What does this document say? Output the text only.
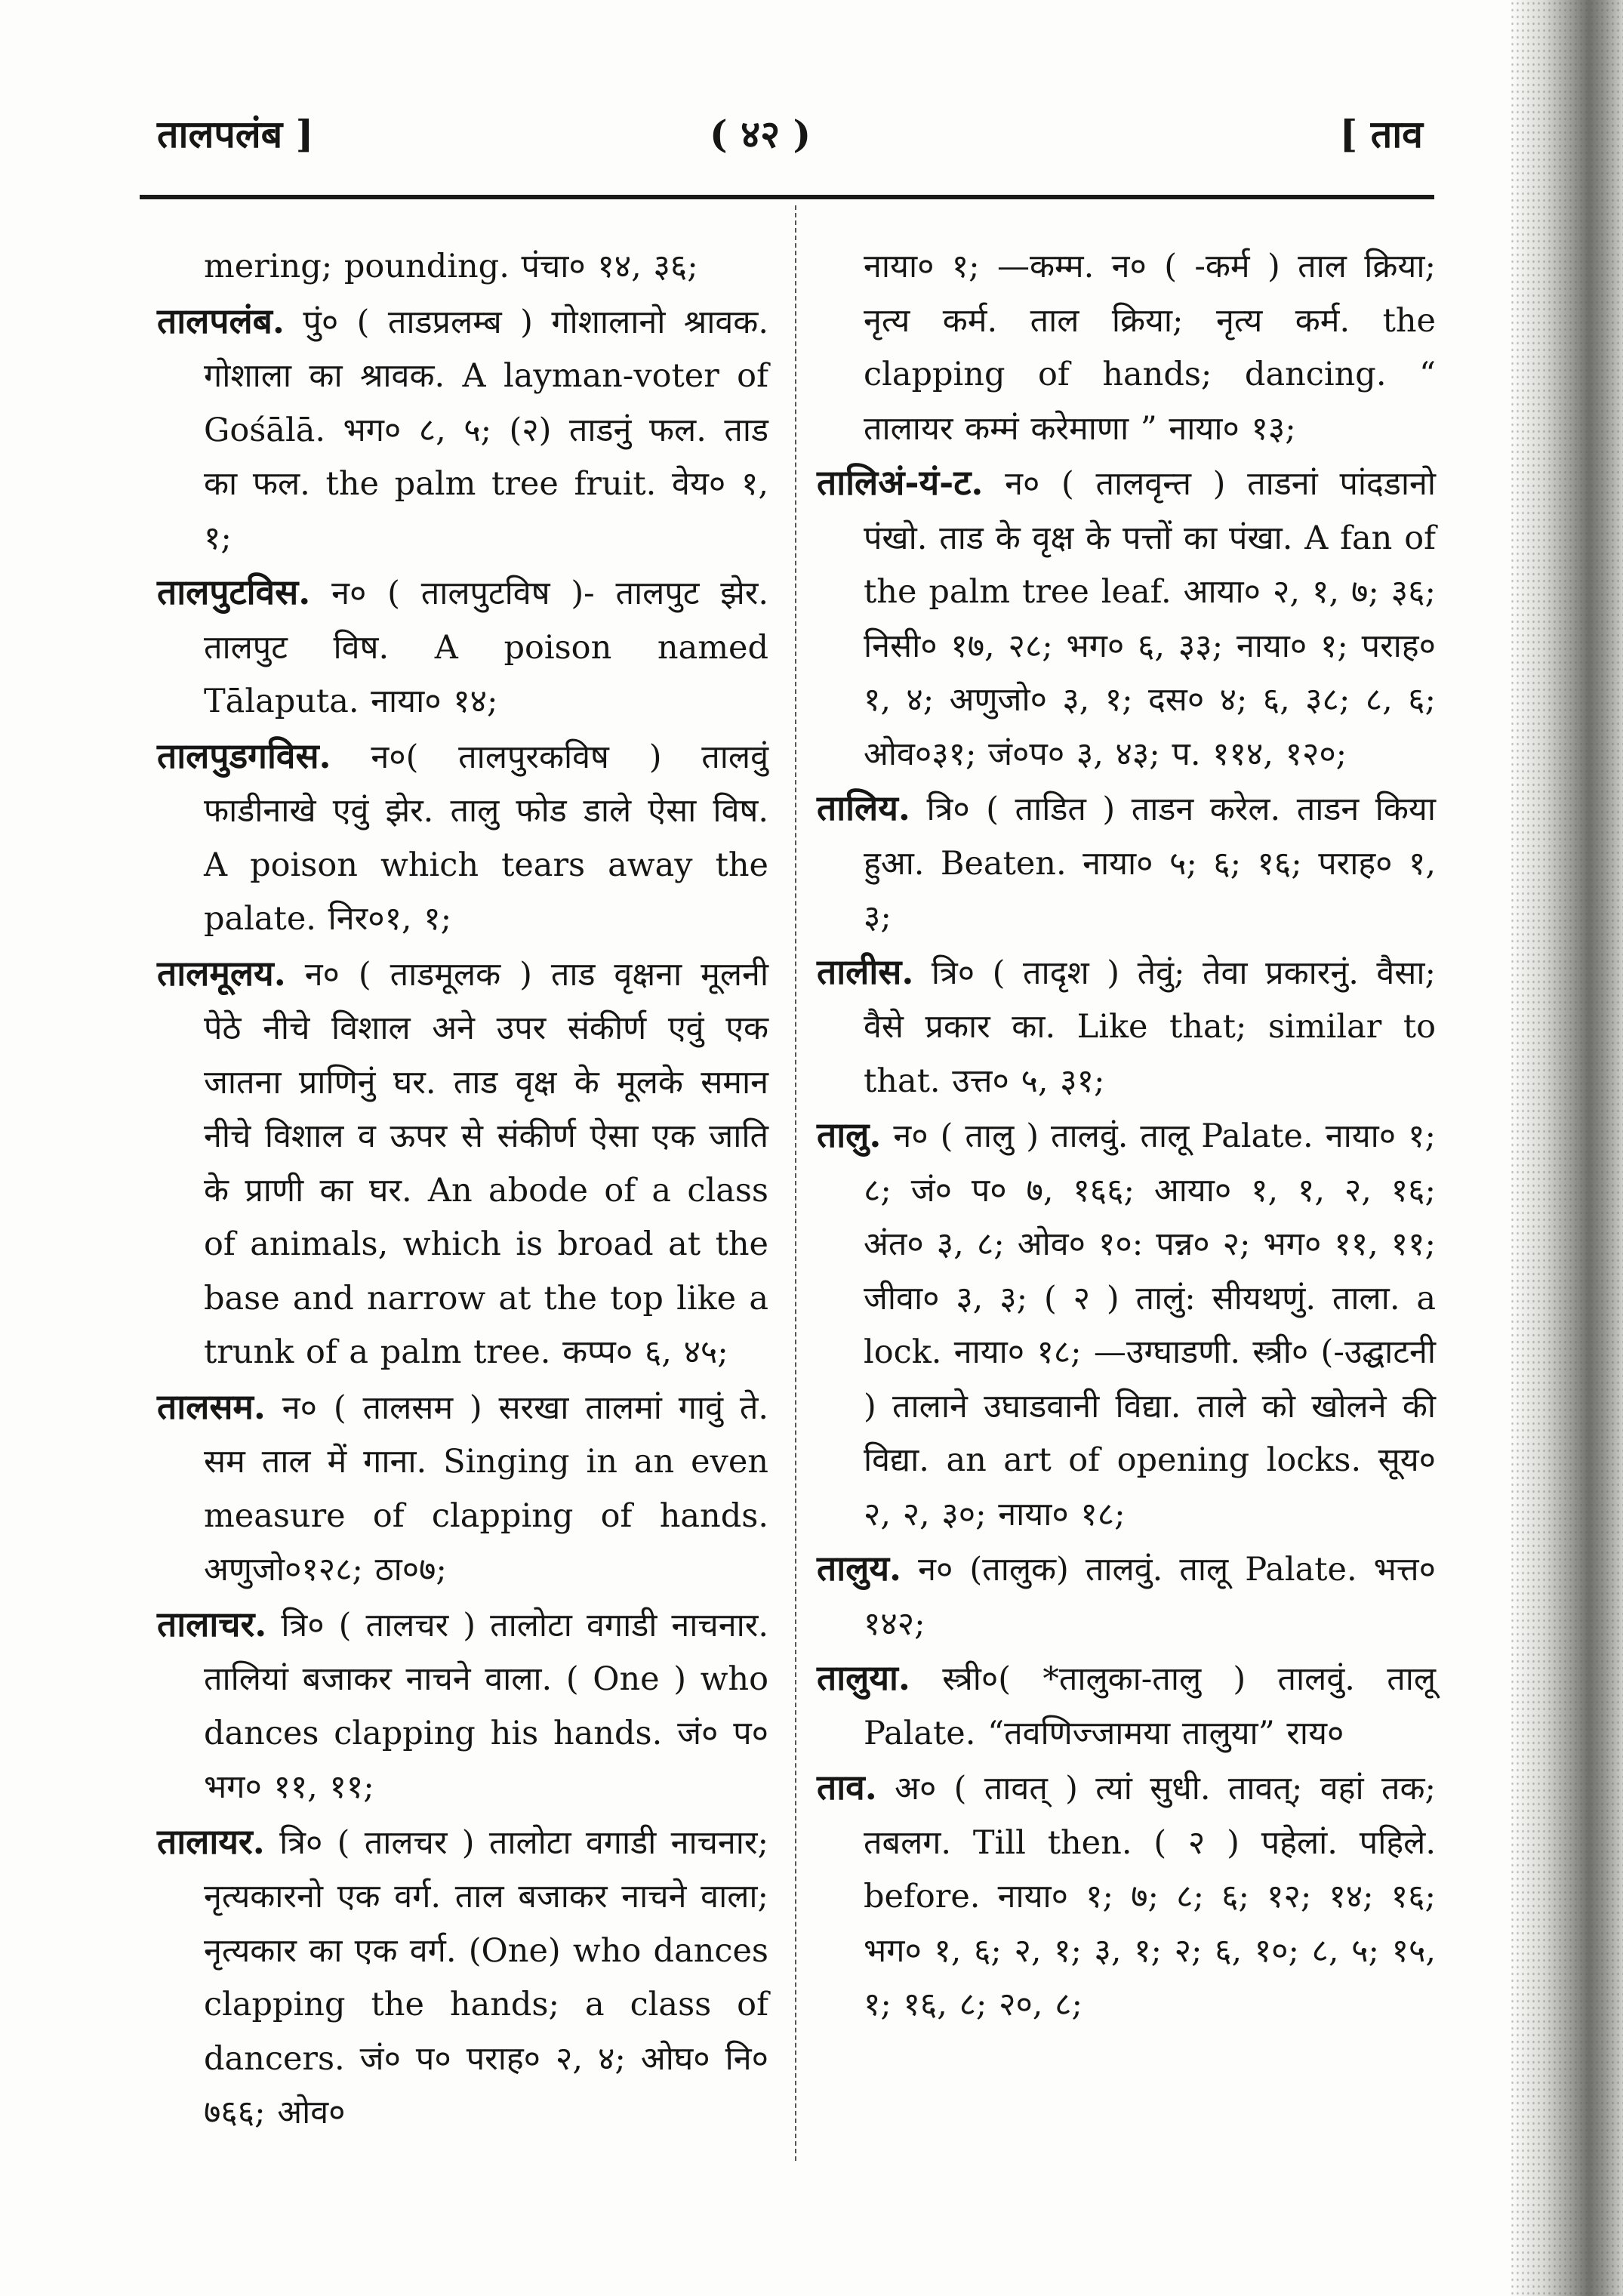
तालपलंब ]	( ४२ )	[ ताव

mering; pounding. पंचा० १४, ३६;

तालपलंब. पुं० ( ताडप्रलम्ब ) गोशालानो श्रावक. गोशाला का श्रावक. A layman-voter of Gośālā. भग० ८, ५; (२) ताडनुं फल. ताड का फल. the palm tree fruit. वेय० १, १;

तालपुटविस. न० ( तालपुटविष )- तालपुट झेर. तालपुट विष. A poison named Tālaputa. नाया० १४;

तालपुडगविस. न०( तालपुरकविष ) तालवुं फाडीनाखे एवुं झेर. तालु फोड डाले ऐसा विष. A poison which tears away the palate. निर०१, १;

तालमूलय. न० ( ताडमूलक ) ताड वृक्षना मूलनी पेठे नीचे विशाल अने उपर संकीर्ण एवुं एक जातना प्राणिनुं घर. ताड वृक्ष के मूलके समान नीचे विशाल व ऊपर से संकीर्ण ऐसा एक जाति के प्राणी का घर. An abode of a class of animals, which is broad at the base and narrow at the top like a trunk of a palm tree. कप्प० ६, ४५;

तालसम. न० ( तालसम ) सरखा तालमां गावुं ते. सम ताल में गाना. Singing in an even measure of clapping of hands. अणुजो०१२८; ठा०७;

तालाचर. त्रि० ( तालचर ) तालोटा वगाडी नाचनार. तालियां बजाकर नाचने वाला. ( One ) who dances clapping his hands. जं० प० भग० ११, ११;

तालायर. त्रि० ( तालचर ) तालोटा वगाडी नाचनार; नृत्यकारनो एक वर्ग. ताल बजाकर नाचने वाला; नृत्यकार का एक वर्ग. (One) who dances clapping the hands; a class of dancers. जं० प० पराह० २, ४; ओघ० नि० ७६६; ओव०

नाया० १; —कम्म. न० ( -कर्म ) ताल क्रिया; नृत्य कर्म. ताल क्रिया; नृत्य कर्म. the clapping of hands; dancing. “ तालायर कम्मं करेमाणा ” नाया० १३;

तालिअं-यं-ट. न० ( तालवृन्त ) ताडनां पांदडानो पंखो. ताड के वृक्ष के पत्तों का पंखा. A fan of the palm tree leaf. आया० २, १, ७; ३६; निसी० १७, २८; भग० ६, ३३; नाया० १; पराह० १, ४; अणुजो० ३, १; दस० ४; ६, ३८; ८, ६; ओव०३१; जं०प० ३, ४३; प. ११४, १२०;

तालिय. त्रि० ( ताडित ) ताडन करेल. ताडन किया हुआ. Beaten. नाया० ५; ६; १६; पराह० १, ३;

तालीस. त्रि० ( तादृश ) तेवुं; तेवा प्रकारनुं. वैसा; वैसे प्रकार का. Like that; similar to that. उत्त० ५, ३१;

तालु. न० ( तालु ) तालवुं. तालू Palate. नाया० १; ८; जं० प० ७, १६६; आया० १, १, २, १६; अंत० ३, ८; ओव० १०: पन्न० २; भग० ११, ११; जीवा० ३, ३; ( २ ) तालुं: सीयथणुं. ताला. a lock. नाया० १८; —उग्घाडणी. स्त्री० (-उद्घाटनी ) तालाने उघाडवानी विद्या. ताले को खोलने की विद्या. an art of opening locks. सूय० २, २, ३०; नाया० १८;

तालुय. न० (तालुक) तालवुं. तालू Palate. भत्त० १४२;

तालुया. स्त्री०( *तालुका-तालु ) तालवुं. तालू Palate. “तवणिज्जामया तालुया” राय०

ताव. अ० ( तावत् ) त्यां सुधी. तावत्; वहां तक; तबलग. Till then. ( २ ) पहेलां. पहिले. before. नाया० १; ७; ८; ६; १२; १४; १६; भग० १, ६; २, १; ३, १; २; ६, १०; ८, ५; १५, १; १६, ८; २०, ८;
